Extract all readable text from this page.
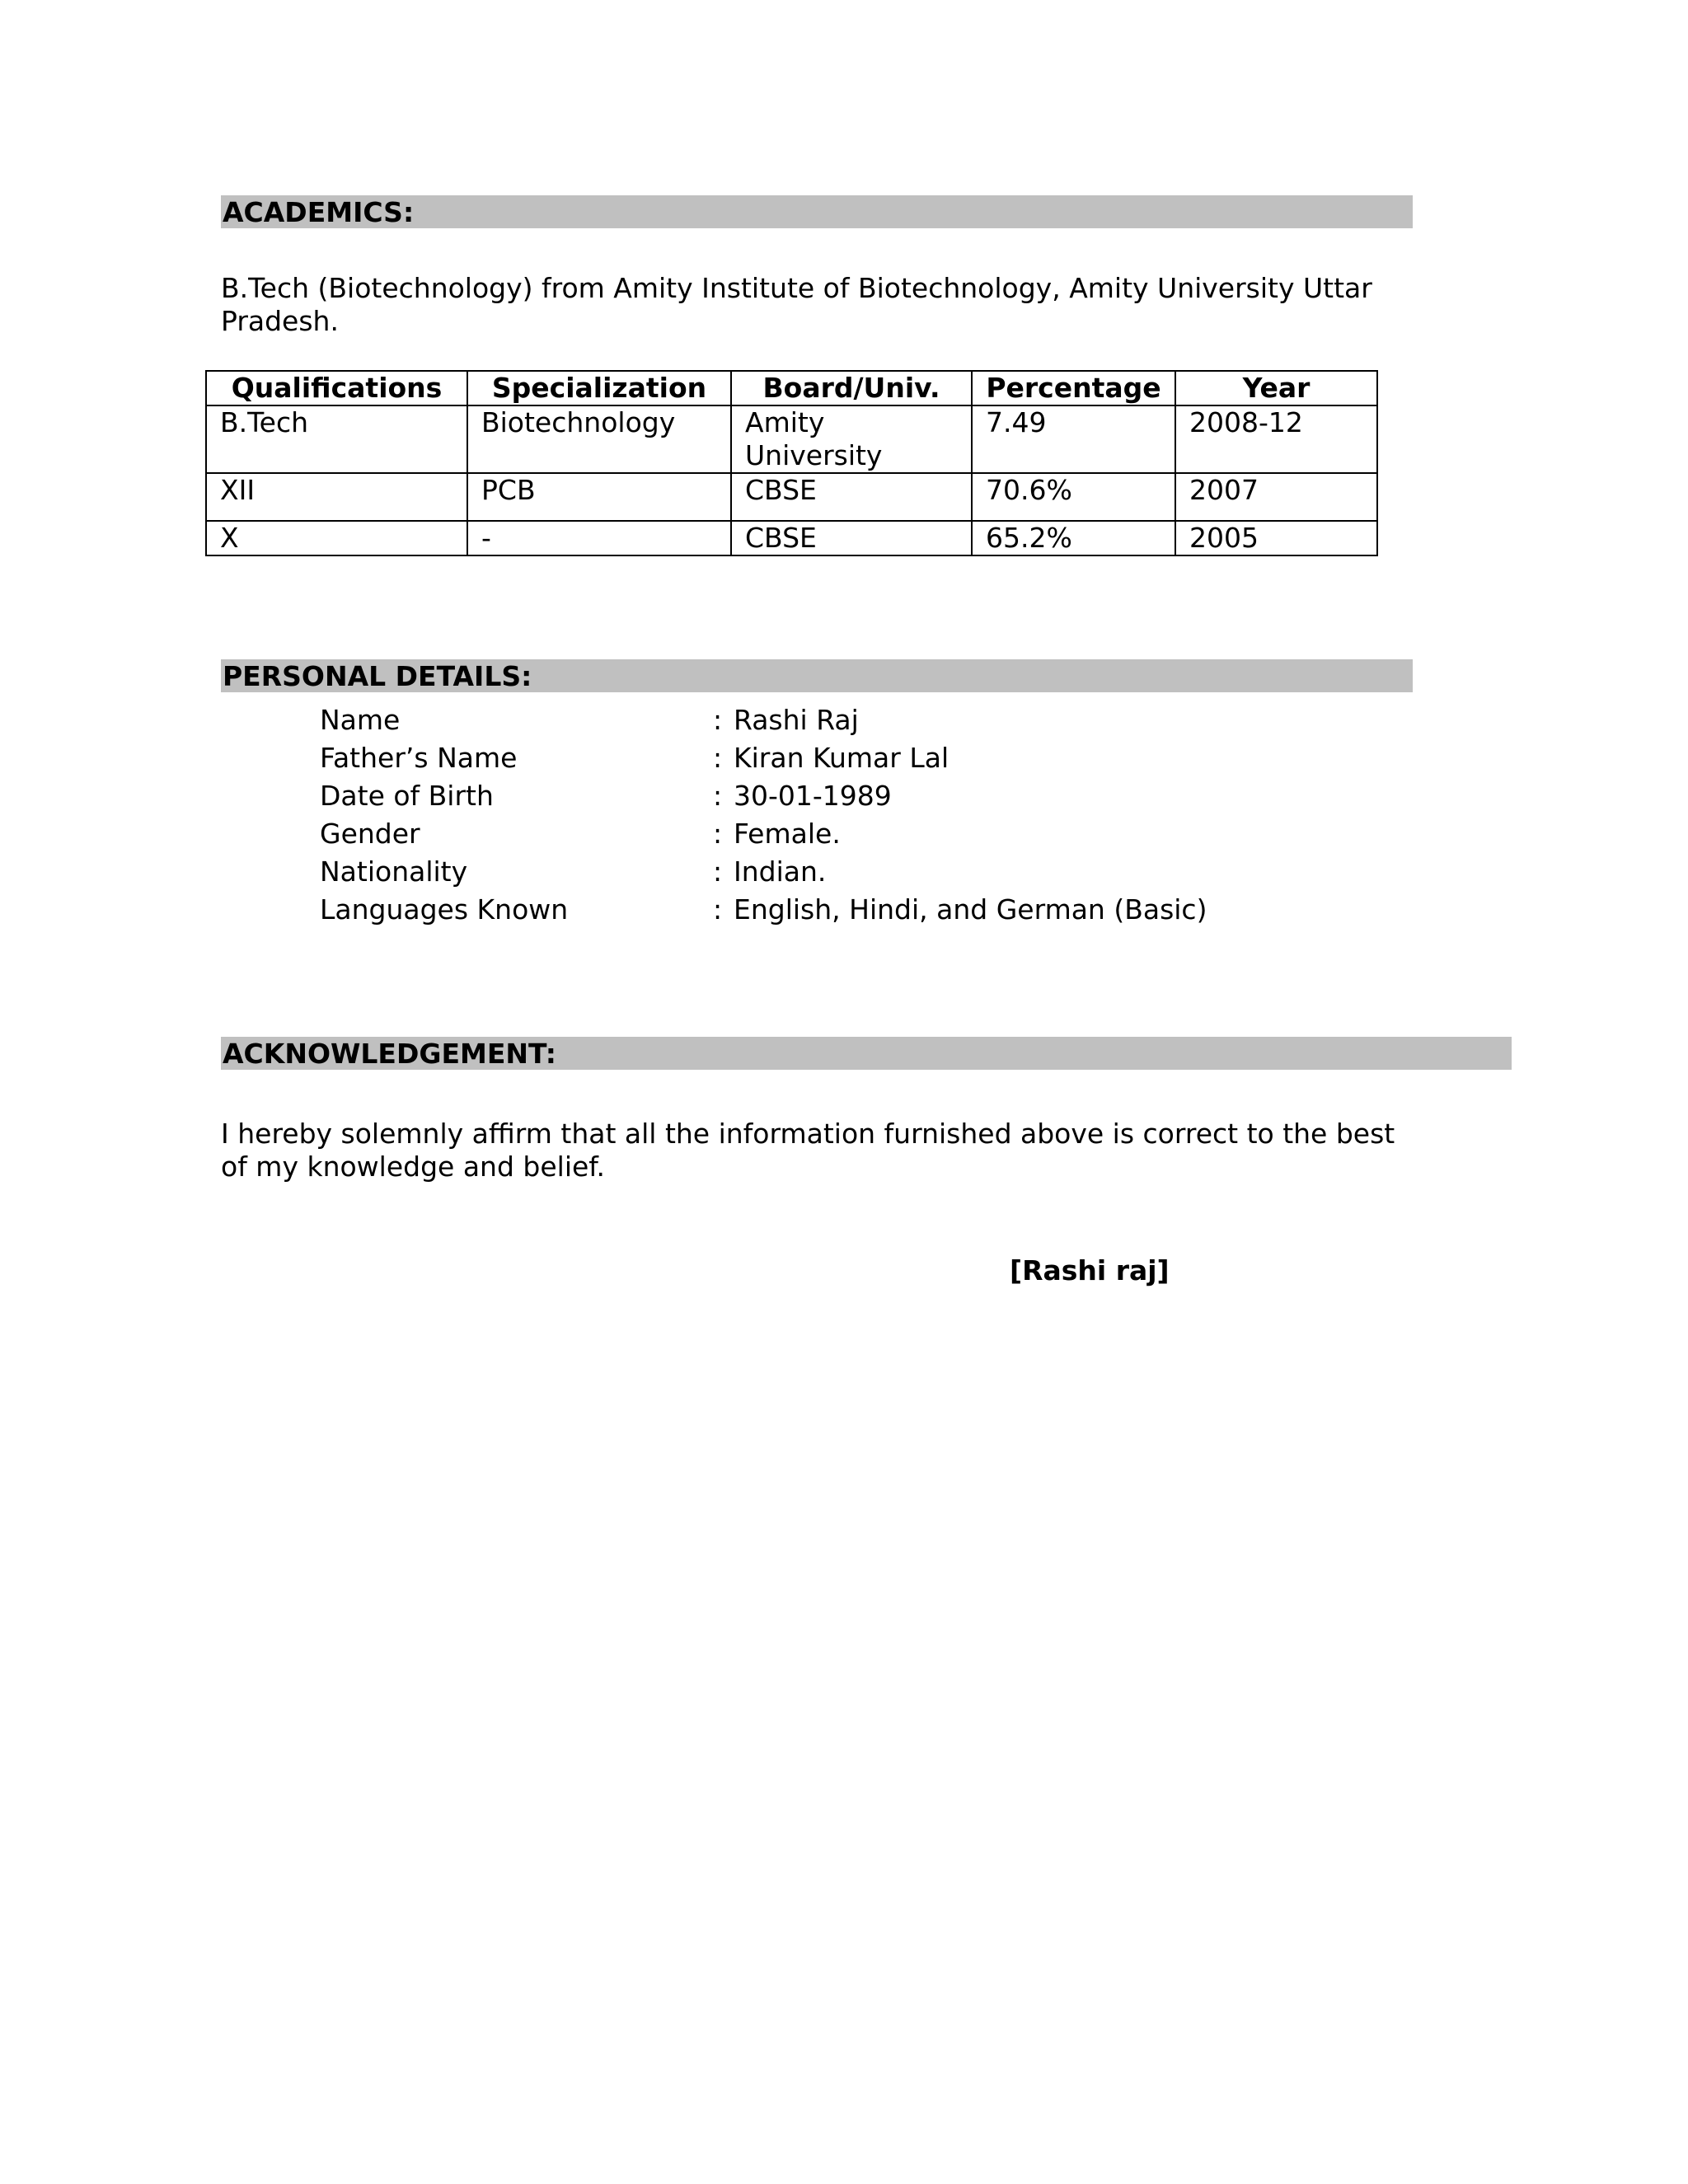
ACADEMICS:
B.Tech (Biotechnology) from Amity Institute of Biotechnology, Amity University Uttar Pradesh.
Qualifications	Specialization	Board/Univ.	Percentage	Year
B.Tech	Biotechnology	Amity University	7.49	2008-12
XII	PCB	CBSE	70.6%	2007
X	-	CBSE	65.2%	2005
PERSONAL DETAILS:
Name	: Rashi Raj
Father’s Name	: Kiran Kumar Lal
Date of Birth	: 30-01-1989
Gender	: Female.
Nationality	: Indian.
Languages Known	: English, Hindi, and German (Basic)
ACKNOWLEDGEMENT:
I hereby solemnly affirm that all the information furnished above is correct to the best of my knowledge and belief.
[Rashi raj]
